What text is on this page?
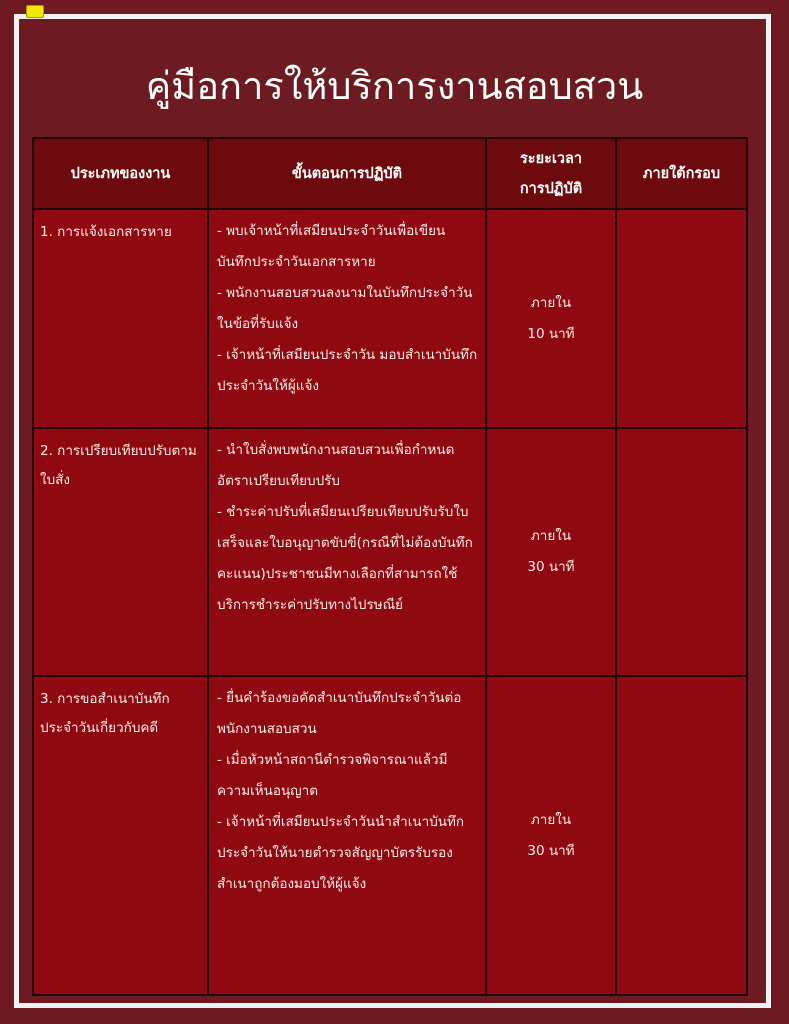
คู่มือการให้บริการงานสอบสวน
ประเภทของงาน	ขั้นตอนการปฏิบัติ	ระยะเวลา
การปฏิบัติ	ภายใต้กรอบ
1. การแจ้งเอกสารหาย	- พบเจ้าหน้าที่เสมียนประจำวันเพื่อเขียนบันทึกประจำวันเอกสารหาย
- พนักงานสอบสวนลงนามในบันทึกประจำวันในข้อที่รับแจ้ง
- เจ้าหน้าที่เสมียนประจำวัน มอบสำเนาบันทึกประจำวันให้ผู้แจ้ง	ภายใน
10 นาที	

2. การเปรียบเทียบปรับตามใบสั่ง	- นำใบสั่งพบพนักงานสอบสวนเพื่อกำหนดอัตราเปรียบเทียบปรับ
- ชำระค่าปรับที่เสมียนเปรียบเทียบปรับรับใบเสร็จและใบอนุญาตขับขี่(กรณีที่ไม่ต้องบันทึกคะแนน)ประชาชนมีทางเลือกที่สามารถใช้บริการชำระค่าปรับทางไปรษณีย์	ภายใน
30 นาที	

3. การขอสำเนาบันทึกประจำวันเกี่ยวกับคดี	- ยื่นคำร้องขอคัดสำเนาบันทึกประจำวันต่อพนักงานสอบสวน
- เมื่อหัวหน้าสถานีตำรวจพิจารณาแล้วมีความเห็นอนุญาต
- เจ้าหน้าที่เสมียนประจำวันนำสำเนาบันทึกประจำวันให้นายตำรวจสัญญาบัตรรับรองสำเนาถูกต้องมอบให้ผู้แจ้ง	ภายใน
30 นาที	
